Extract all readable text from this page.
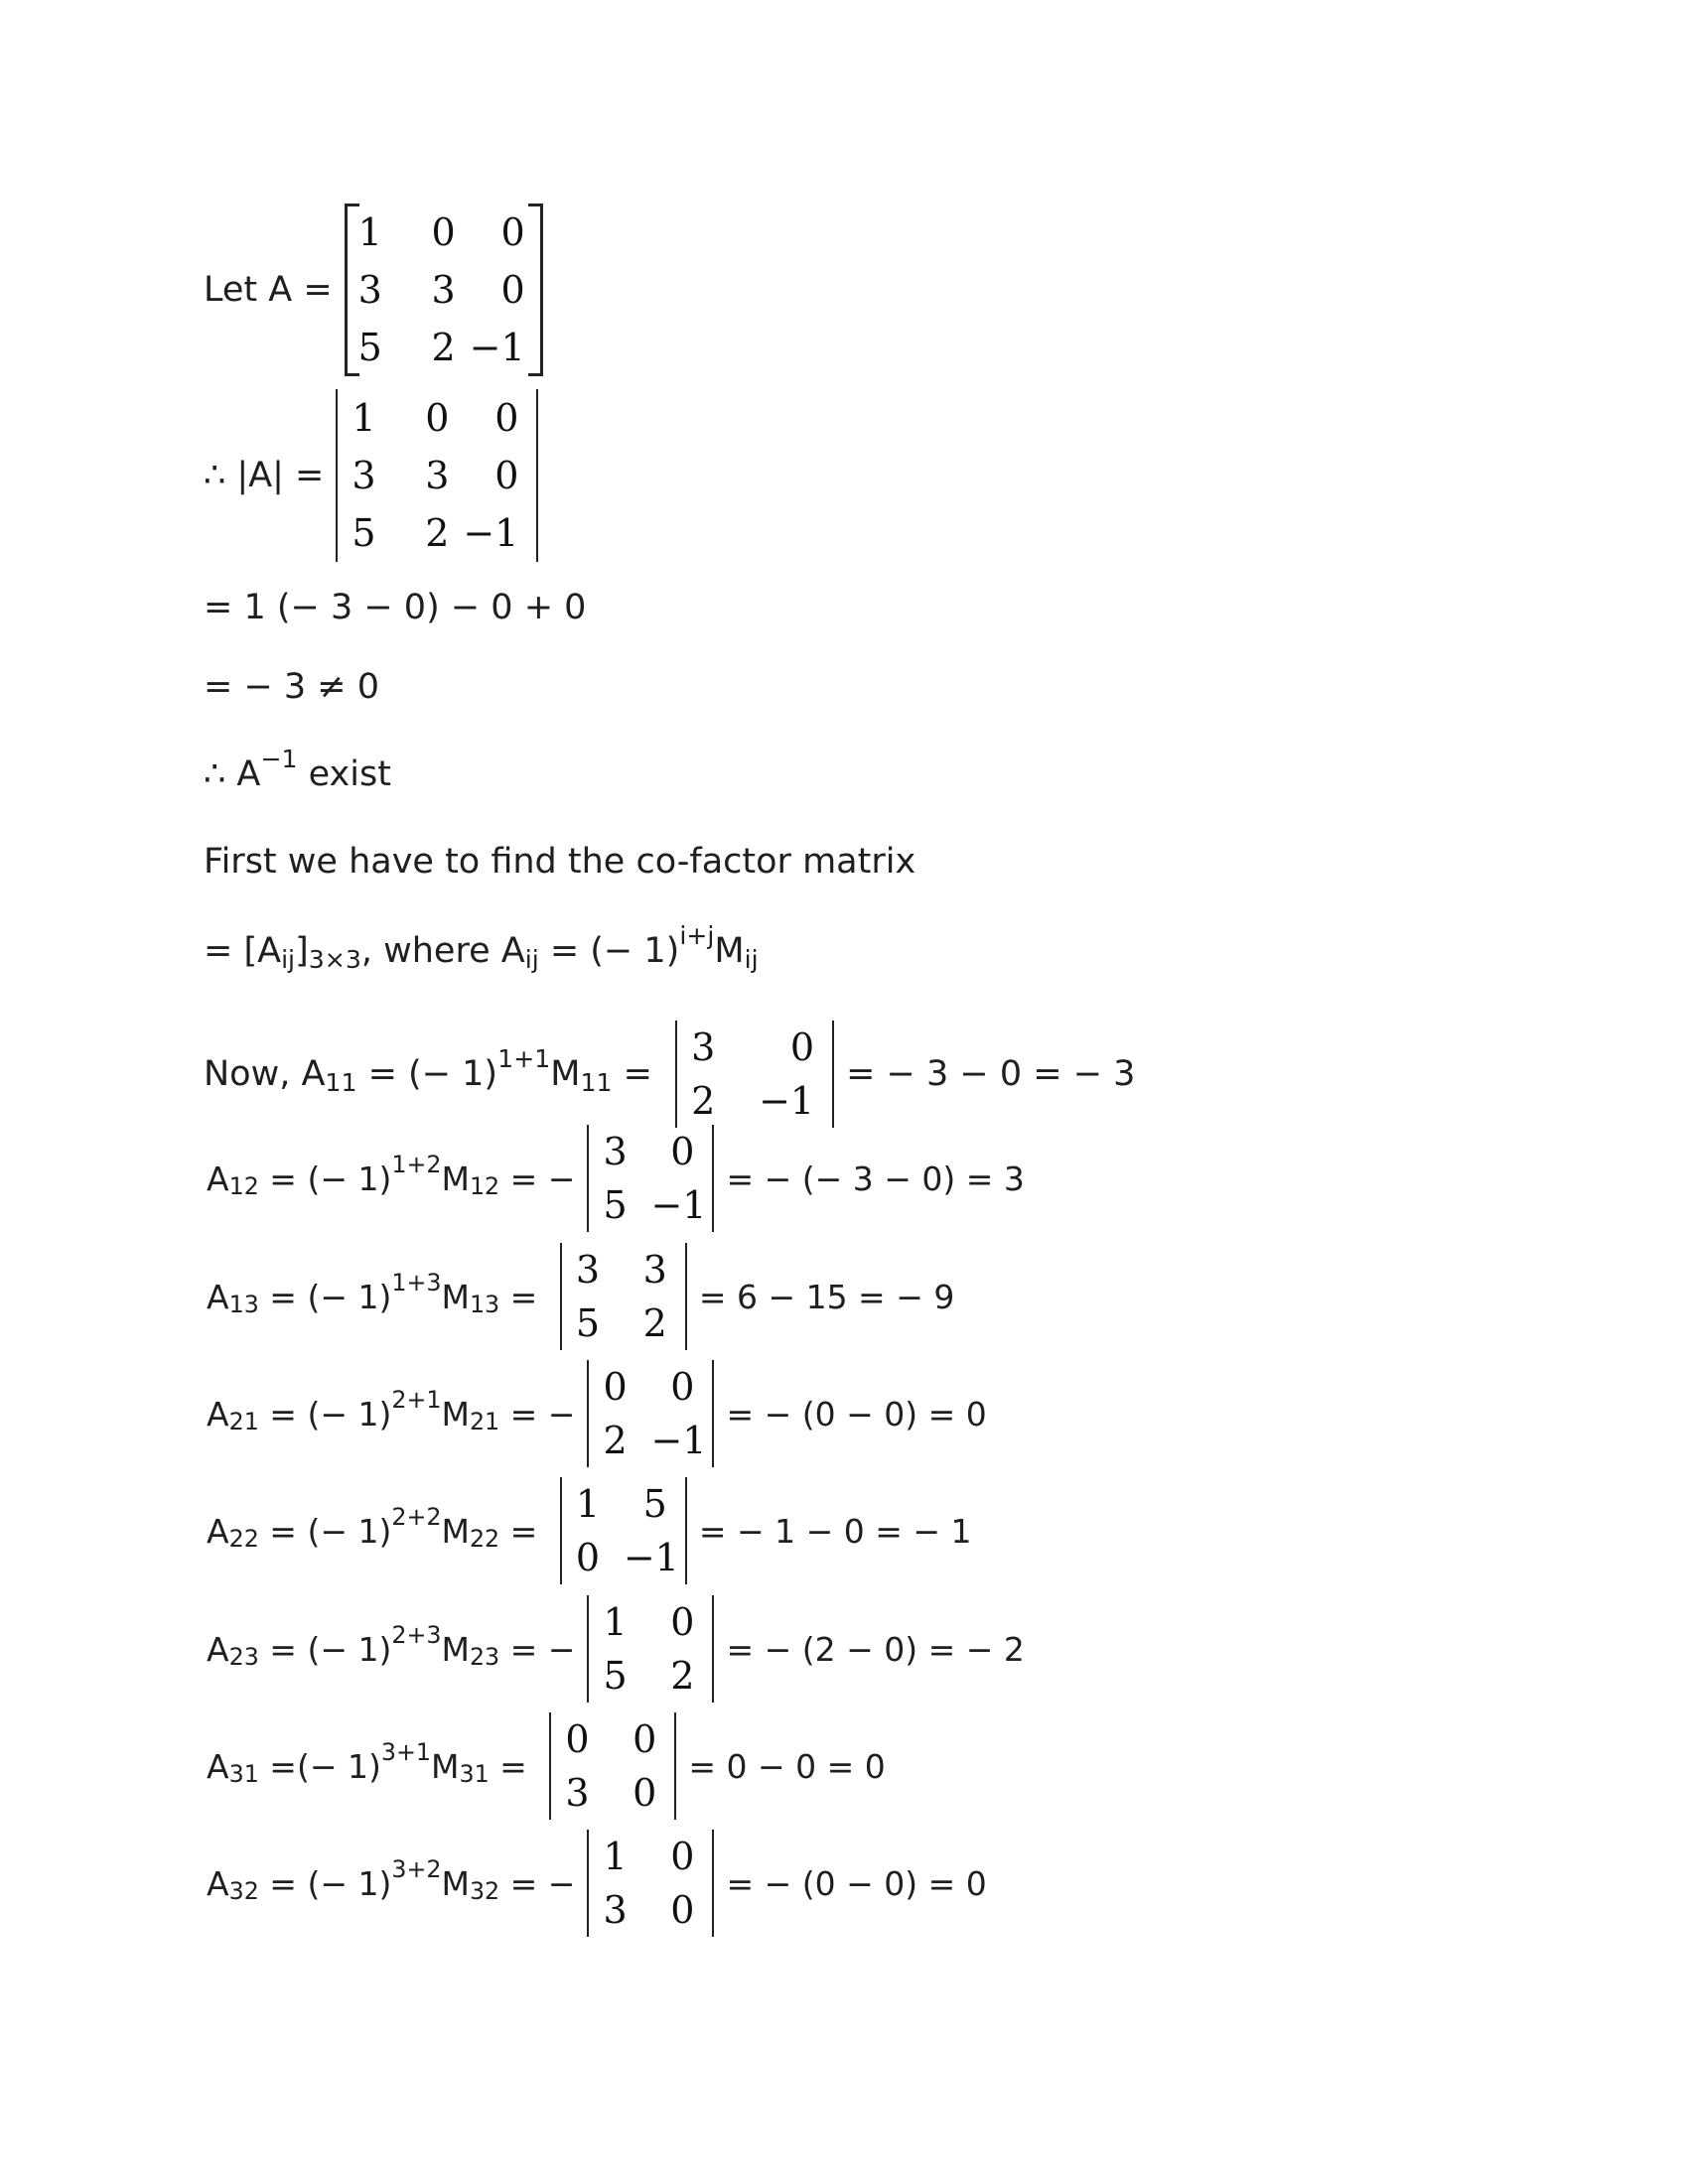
Let A =
1	0	0
3	3	0
5	2 −1
∴ |A| =
1	0	0
3	3	0
5	2 −1
= 1 (− 3 − 0) − 0 + 0
= − 3 ≠ 0
∴ A −1 exist
First we have to find the co-factor matrix
= [A ij ] 3×3 , where A ij = (− 1) i+j M ij
Now, A 11 = (− 1) 1+1 M 11 =
3	0
2	−1
= − 3 − 0 = − 3
A 12 = (− 1) 1+2 M 12 = −
3	0
5 −1
= − (− 3 − 0) = 3
A 13 = (− 1) 1+3 M 13 =
3	3
5	2
= 6 − 15 = − 9
A 21 = (− 1) 2+1 M 21 = −
0	0
2 −1
= − (0 − 0) = 0
A 22 = (− 1) 2+2 M 22 =
1	5
0 −1
= − 1 − 0 = − 1
A 23 = (− 1) 2+3 M 23 = −
1	0
5	2
= − (2 − 0) = − 2
A 31 =(− 1) 3+1 M 31 =
0	0
3	0
= 0 − 0 = 0
A 32 = (− 1) 3+2 M 32 = −
1	0
3	0
= − (0 − 0) = 0
